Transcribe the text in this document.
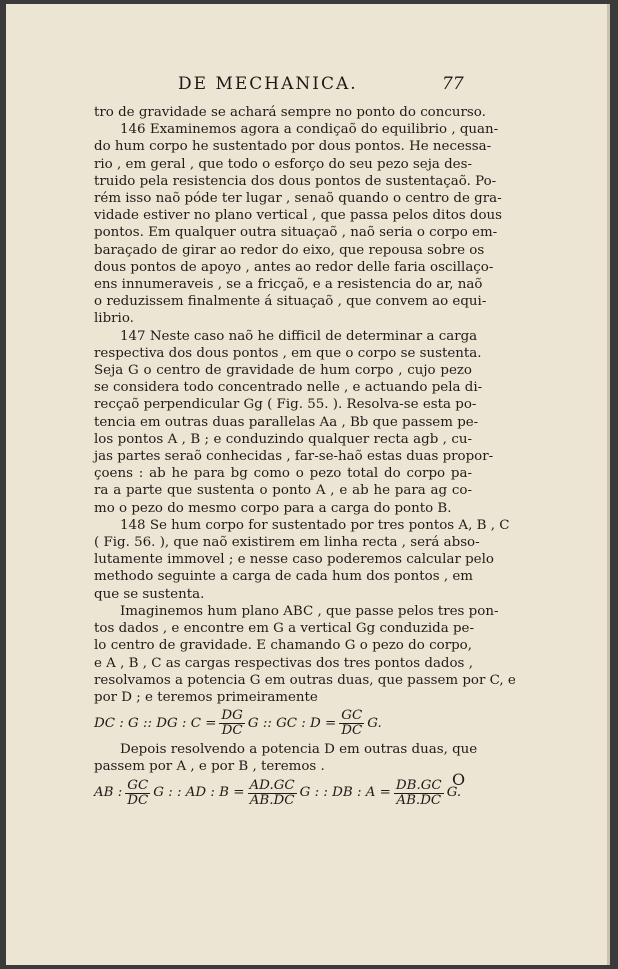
DE MECHANICA.	77
tro de gravidade se achará sempre no ponto do concurso.
146 Examinemos agora a condiçaõ do equilibrio , quan-
do hum corpo he sustentado por dous pontos. He necessa-
rio , em geral , que todo o esforço do seu pezo seja des-
truido pela resistencia dos dous pontos de sustentaçaõ. Po-
rém isso naõ póde ter lugar , senaõ quando o centro de gra-
vidade estiver no plano vertical , que passa pelos ditos dous
pontos. Em qualquer outra situaçaõ , naõ seria o corpo em-
baraçado de girar ao redor do eixo, que repousa sobre os
dous pontos de apoyo , antes ao redor delle faria oscillaço-
ens innumeraveis , se a fricçaõ, e a resistencia do ar, naõ
o reduzissem finalmente á situaçaõ , que convem ao equi-
librio.
147 Neste caso naõ he difficil de determinar a carga
respectiva dos dous pontos , em que o corpo se sustenta.
Seja G o centro de gravidade de hum corpo , cujo pezo
se considera todo concentrado nelle , e actuando pela di-
recçaõ perpendicular Gg ( Fig. 55. ). Resolva-se esta po-
tencia em outras duas parallelas Aa , Bb que passem pe-
los pontos A , B ; e conduzindo qualquer recta agb , cu-
jas partes seraõ conhecidas , far-se-haõ estas duas propor-
çoens : ab he para bg como o pezo total do corpo pa-
ra a parte que sustenta o ponto A , e ab he para ag co-
mo o pezo do mesmo corpo para a carga do ponto B.
148 Se hum corpo for sustentado por tres pontos A, B , C
( Fig. 56. ), que naõ existirem em linha recta , será abso-
lutamente immovel ; e nesse caso poderemos calcular pelo
methodo seguinte a carga de cada hum dos pontos , em
que se sustenta.
Imaginemos hum plano ABC , que passe pelos tres pon-
tos dados , e encontre em G a vertical Gg conduzida pe-
lo centro de gravidade. E chamando G o pezo do corpo,
e A , B , C as cargas respectivas dos tres pontos dados ,
resolvamos a potencia G em outras duas, que passem por C, e
por D ; e teremos primeiramente
DC : G :: DG : $C = \frac{DG}{DC}$ G :: GC : $D = \frac{GC}{DC} G$.
Depois resolvendo a potencia D em outras duas, que
passem por A , e por B , teremos .
AB : $\frac{GC}{DC}$ G : : AD : $B = \frac{AD.GC}{AB.DC}$ G : : DB : $A = \frac{DB.GC}{AB.DC} G$.
O
